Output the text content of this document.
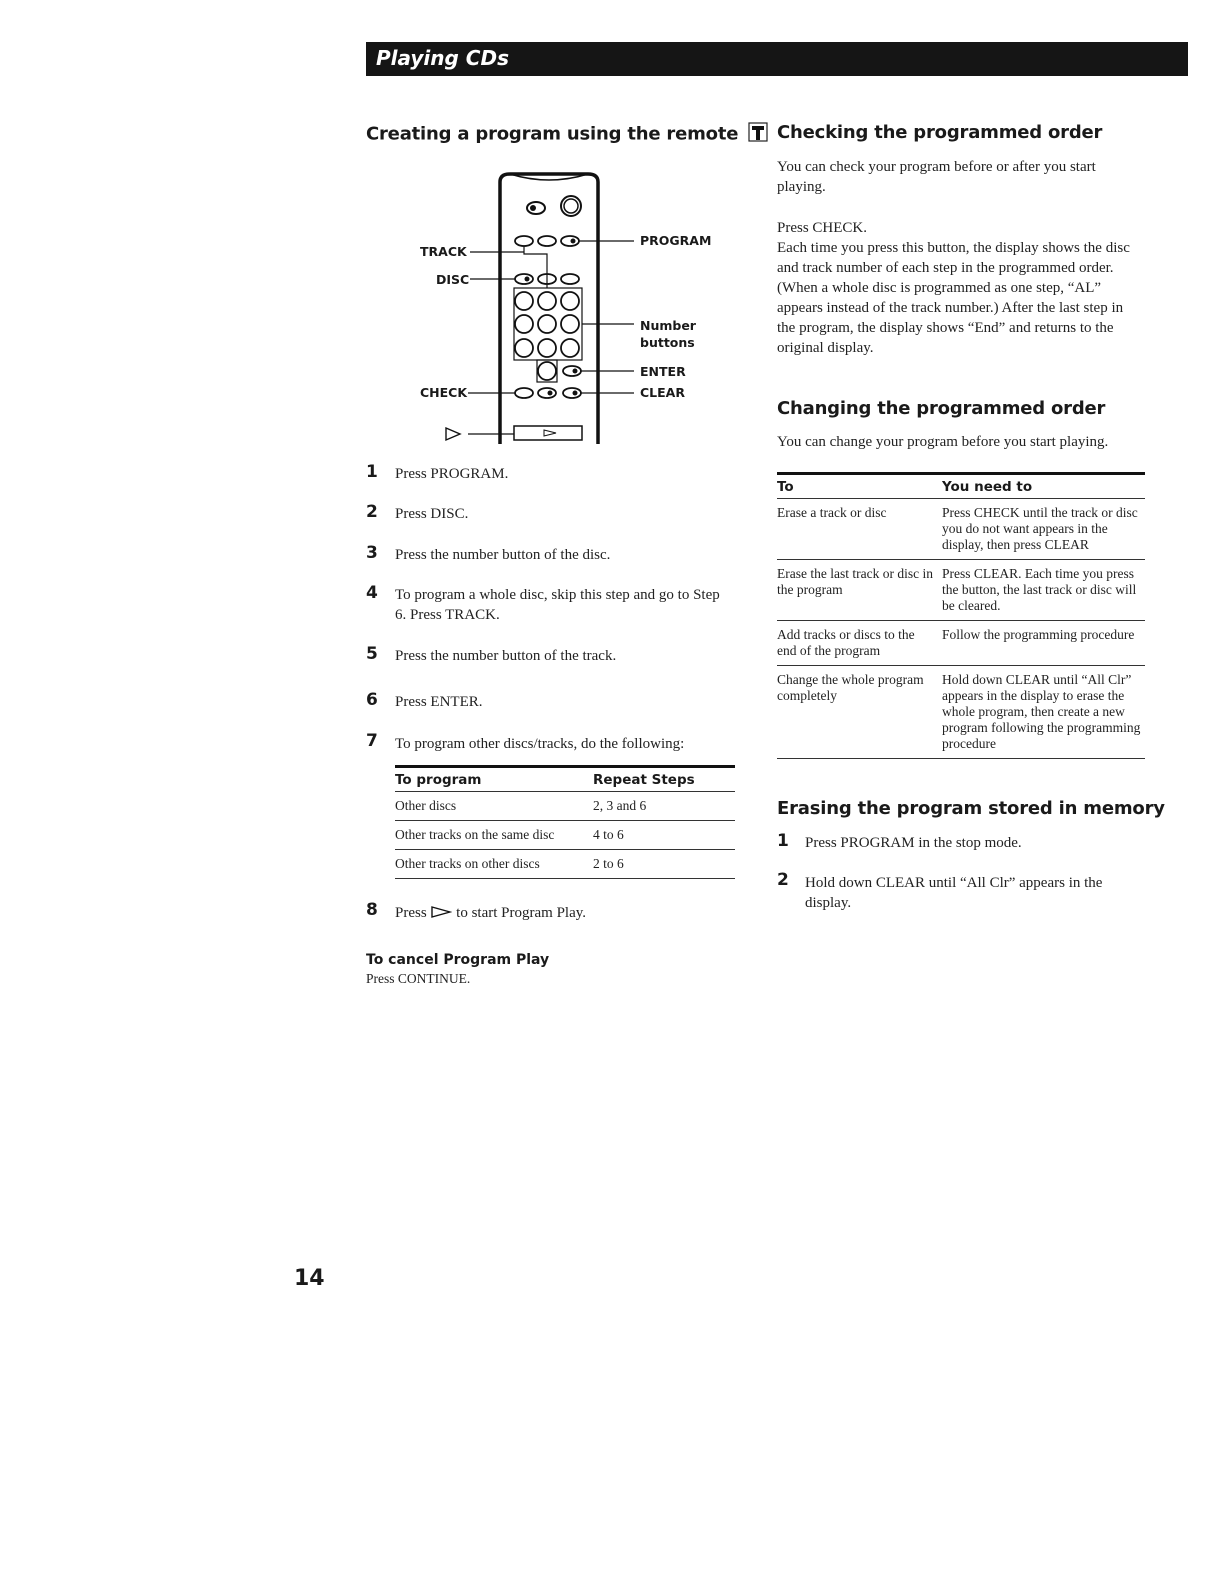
Playing CDs
Creating a program using the remote
TRACK
DISC
CHECK
PROGRAM
Number
buttons
ENTER
CLEAR
1	Press PROGRAM.
2	Press DISC.
3	Press the number button of the disc.
4	To program a whole disc, skip this step and go to Step 6. Press TRACK.
5	Press the number button of the track.
6	Press ENTER.
7	To program other discs/tracks, do the following:
To program	Repeat Steps
Other discs	2, 3 and 6
Other tracks on the same disc	4 to 6
Other tracks on other discs	2 to 6
8	Press to start Program Play.
To cancel Program Play
Press CONTINUE.
Checking the programmed order
You can check your program before or after you start playing.
Press CHECK.
Each time you press this button, the display shows the disc and track number of each step in the programmed order. (When a whole disc is programmed as one step, “AL” appears instead of the track number.) After the last step in the program, the display shows “End” and returns to the original display.
Changing the programmed order
You can change your program before you start playing.
To	You need to
Erase a track or disc	Press CHECK until the track or disc you do not want appears in the display, then press CLEAR
Erase the last track or disc in the program	Press CLEAR. Each time you press the button, the last track or disc will be cleared.
Add tracks or discs to the end of the program	Follow the programming procedure
Change the whole program completely	Hold down CLEAR until “All Clr” appears in the display to erase the whole program, then create a new program following the programming procedure
Erasing the program stored in memory
1	Press PROGRAM in the stop mode.
2	Hold down CLEAR until “All Clr” appears in the display.
14
